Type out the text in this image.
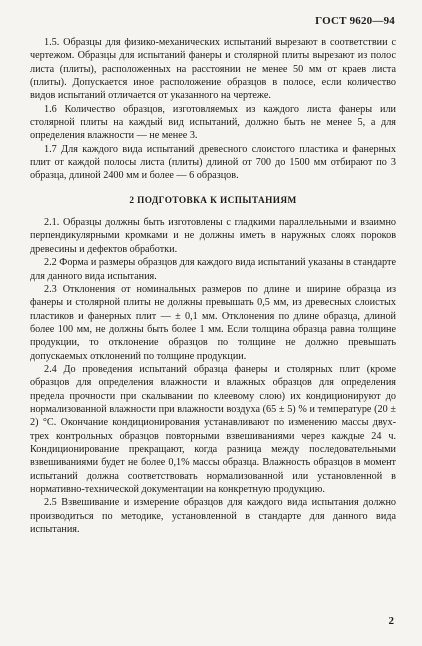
ГОСТ 9620—94

1.5. Образцы для физико-механических испытаний вырезают в соответствии с чертежом. Образцы для испытаний фанеры и столярной плиты вырезают из полос листа (плиты), расположенных на расстоянии не менее 50 мм от краев листа (плиты). Допускается иное расположение образцов в полосе, если количество видов испытаний отличается от указанного на чертеже.

1.6 Количество образцов, изготовляемых из каждого листа фанеры или столярной плиты на каждый вид испытаний, должно быть не менее 5, а для определения влажности — не менее 3.

1.7 Для каждого вида испытаний древесного слоистого пластика и фанерных плит от каждой полосы листа (плиты) длиной от 700 до 1500 мм отбирают по 3 образца, длиной 2400 мм и более — 6 образцов.

2 ПОДГОТОВКА К ИСПЫТАНИЯМ

2.1. Образцы должны быть изготовлены с гладкими параллельными и взаимно перпендикулярными кромками и не должны иметь в наружных слоях пороков древесины и дефектов обработки.

2.2 Форма и размеры образцов для каждого вида испытаний указаны в стандарте для данного вида испытания.

2.3 Отклонения от номинальных размеров по длине и ширине образца из фанеры и столярной плиты не должны превышать 0,5 мм, из древесных слоистых пластиков и фанерных плит — ± 0,1 мм. Отклонения по длине образца, длиной более 100 мм, не должны быть более 1 мм. Если толщина образца равна толщине продукции, то отклонение образцов по толщине не должно превышать допускаемых отклонений по толщине продукции.

2.4 До проведения испытаний образца фанеры и столярных плит (кроме образцов для определения влажности и влажных образцов для определения предела прочности при скалывании по клеевому слою) их кондиционируют до нормализованной влажности при влажности воздуха (65 ± 5) % и температуре (20 ± 2) °С. Окончание кондиционирования устанавливают по изменению массы двух-трех контрольных образцов повторными взвешиваниями через каждые 24 ч. Кондиционирование прекращают, когда разница между последовательными взвешиваниями будет не более 0,1% массы образца. Влажность образцов в момент испытаний должна соответствовать нормализованной или установленной в нормативно-технической документации на конкретную продукцию.

2.5 Взвешивание и измерение образцов для каждого вида испытания должно производиться по методике, установленной в стандарте для данного вида испытания.

2
